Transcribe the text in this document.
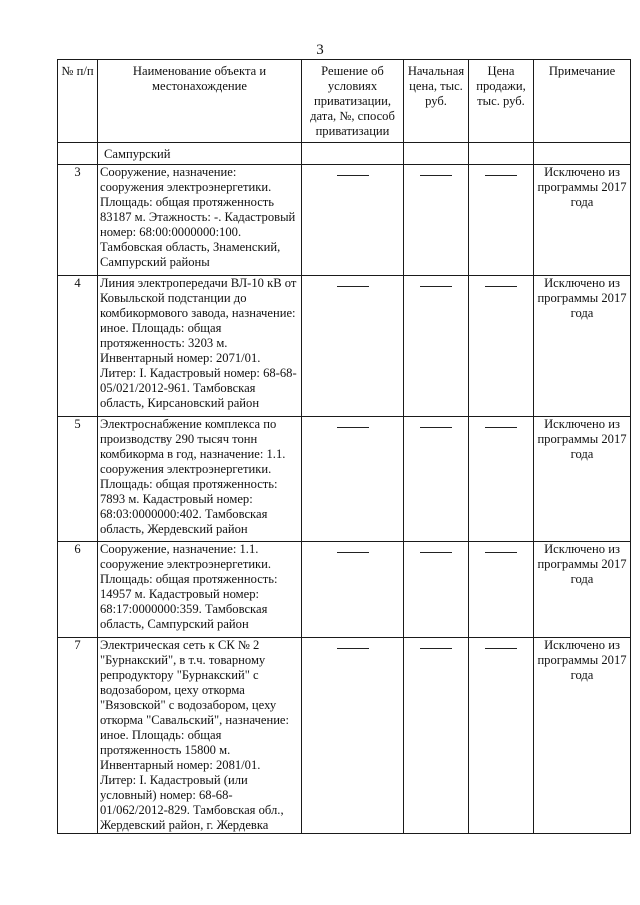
3
№ п/п	Наименование объекта и местонахождение	Решение об условиях приватизации, дата, №, способ приватизации	Начальная цена, тыс. руб.	Цена продажи, тыс. руб.	Примечание
	Сампурский				
3	Сооружение, назначение: сооружения электроэнергетики. Площадь: общая протяженность 83187 м. Этажность: -. Кадастровый номер: 68:00:0000000:100. Тамбовская область, Знаменский, Сампурский районы				Исключено из программы 2017 года
4	Линия электропередачи ВЛ-10 кВ от Ковыльской подстанции до комбикормового завода, назначение: иное. Площадь: общая протяженность: 3203 м. Инвентарный номер: 2071/01. Литер: I. Кадастровый номер: 68-68-05/021/2012-961. Тамбовская область, Кирсановский район				Исключено из программы 2017 года
5	Электроснабжение комплекса по производству 290 тысяч тонн комбикорма в год, назначение: 1.1. сооружения электроэнергетики. Площадь: общая протяженность: 7893 м. Кадастровый номер: 68:03:0000000:402. Тамбовская область, Жердевский район				Исключено из программы 2017 года
6	Сооружение, назначение: 1.1. сооружение электроэнергетики. Площадь: общая протяженность: 14957 м. Кадастровый номер: 68:17:0000000:359. Тамбовская область, Сампурский район				Исключено из программы 2017 года
7	Электрическая сеть к СК № 2 "Бурнакский", в т.ч. товарному репродуктору "Бурнакский" с водозабором, цеху откорма "Вязовской" с водозабором, цеху откорма "Савальский", назначение: иное. Площадь: общая протяженность 15800 м. Инвентарный номер: 2081/01. Литер: I. Кадастровый (или условный) номер: 68-68-01/062/2012-829. Тамбовская обл., Жердевский район, г. Жердевка				Исключено из программы 2017 года
